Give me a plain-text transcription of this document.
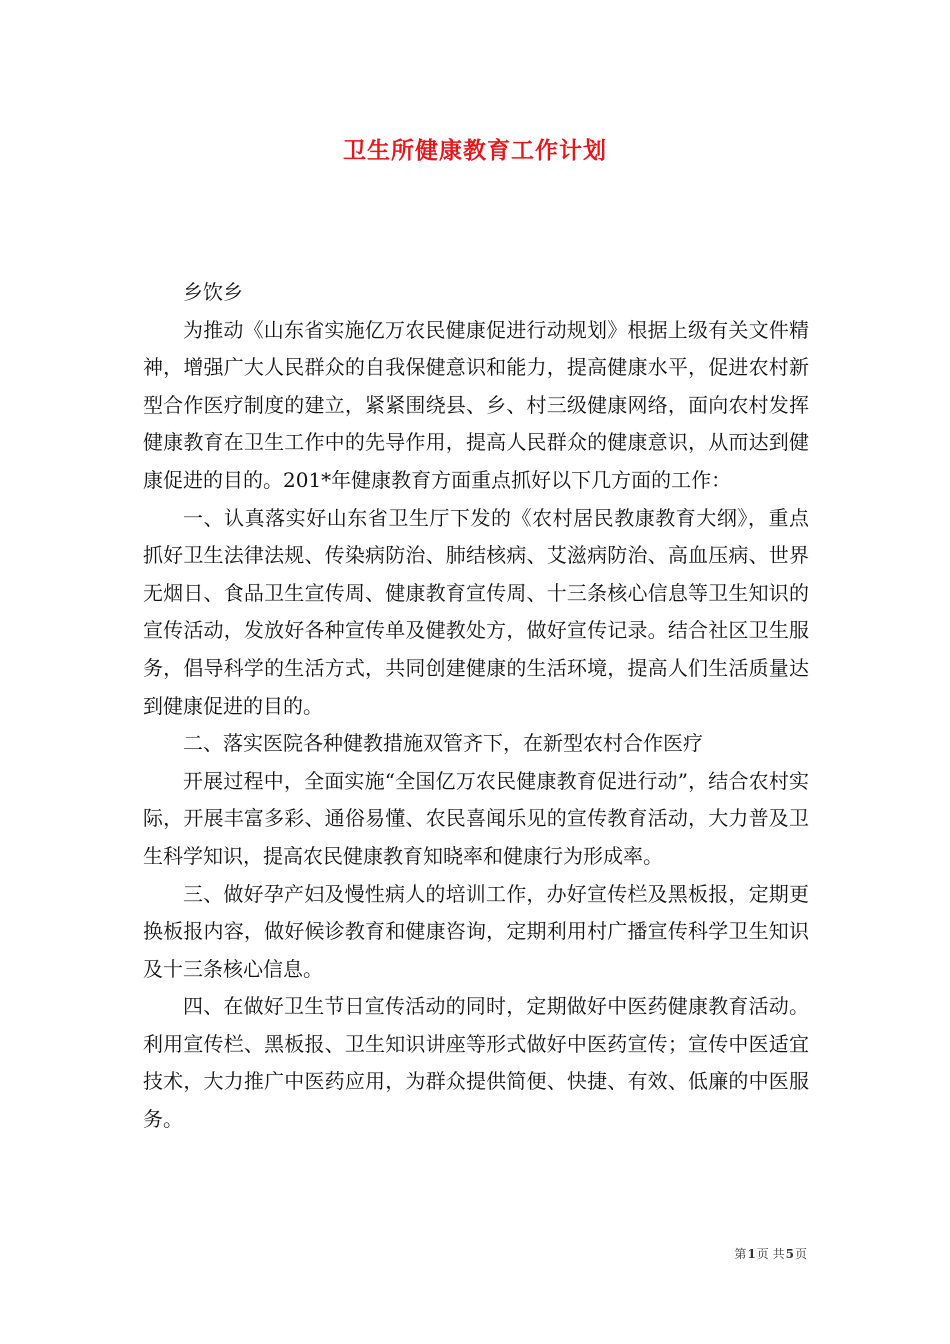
卫生所健康教育工作计划

乡饮乡

为推动《山东省实施亿万农民健康促进行动规划》根据上级有关文件精神，增强广大人民群众的自我保健意识和能力，提高健康水平，促进农村新型合作医疗制度的建立，紧紧围绕县、乡、村三级健康网络，面向农村发挥健康教育在卫生工作中的先导作用，提高人民群众的健康意识，从而达到健康促进的目的。201*年健康教育方面重点抓好以下几方面的工作：

一、认真落实好山东省卫生厅下发的《农村居民教康教育大纲》，重点抓好卫生法律法规、传染病防治、肺结核病、艾滋病防治、高血压病、世界无烟日、食品卫生宣传周、健康教育宣传周、十三条核心信息等卫生知识的宣传活动，发放好各种宣传单及健教处方，做好宣传记录。结合社区卫生服务，倡导科学的生活方式，共同创建健康的生活环境，提高人们生活质量达到健康促进的目的。

二、落实医院各种健教措施双管齐下，在新型农村合作医疗

开展过程中，全面实施“全国亿万农民健康教育促进行动”，结合农村实际，开展丰富多彩、通俗易懂、农民喜闻乐见的宣传教育活动，大力普及卫生科学知识，提高农民健康教育知晓率和健康行为形成率。

三、做好孕产妇及慢性病人的培训工作，办好宣传栏及黑板报，定期更换板报内容，做好候诊教育和健康咨询，定期利用村广播宣传科学卫生知识及十三条核心信息。

四、在做好卫生节日宣传活动的同时，定期做好中医药健康教育活动。利用宣传栏、黑板报、卫生知识讲座等形式做好中医药宣传；宣传中医适宜技术，大力推广中医药应用，为群众提供简便、快捷、有效、低廉的中医服务。

第1页 共5页
